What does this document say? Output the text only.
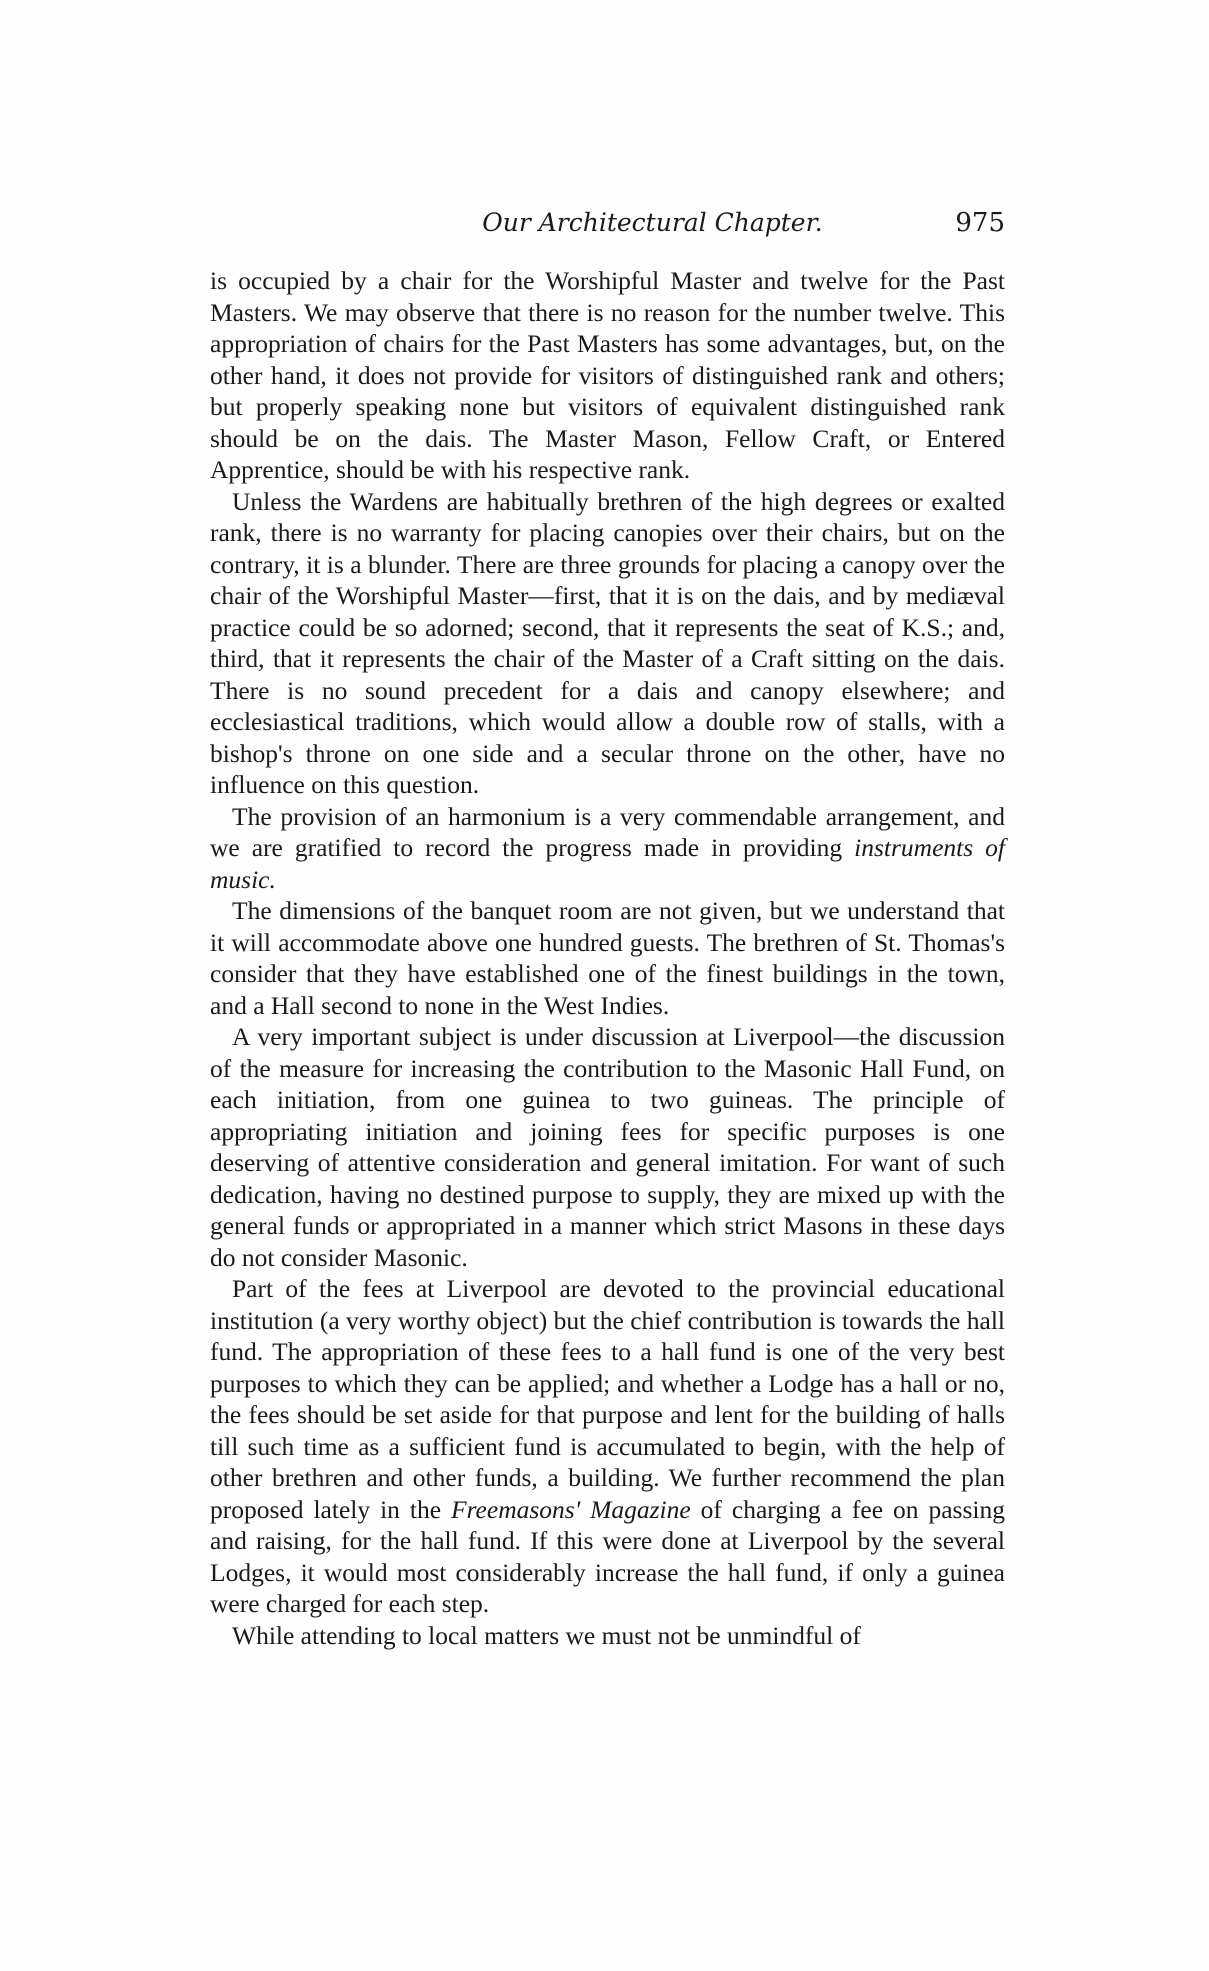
Our Architectural Chapter.	975

is occupied by a chair for the Worshipful Master and twelve for the Past Masters. We may observe that there is no reason for the number twelve. This appropriation of chairs for the Past Masters has some advantages, but, on the other hand, it does not provide for visitors of distinguished rank and others; but properly speaking none but visitors of equivalent distinguished rank should be on the dais. The Master Mason, Fellow Craft, or Entered Apprentice, should be with his respective rank.

Unless the Wardens are habitually brethren of the high degrees or exalted rank, there is no warranty for placing canopies over their chairs, but on the contrary, it is a blunder. There are three grounds for placing a canopy over the chair of the Worshipful Master—first, that it is on the dais, and by mediæval practice could be so adorned; second, that it represents the seat of K.S.; and, third, that it represents the chair of the Master of a Craft sitting on the dais. There is no sound precedent for a dais and canopy elsewhere; and ecclesiastical traditions, which would allow a double row of stalls, with a bishop's throne on one side and a secular throne on the other, have no influence on this question.

The provision of an harmonium is a very commendable arrangement, and we are gratified to record the progress made in providing instruments of music.

The dimensions of the banquet room are not given, but we understand that it will accommodate above one hundred guests. The brethren of St. Thomas's consider that they have established one of the finest buildings in the town, and a Hall second to none in the West Indies.

A very important subject is under discussion at Liverpool—the discussion of the measure for increasing the contribution to the Masonic Hall Fund, on each initiation, from one guinea to two guineas. The principle of appropriating initiation and joining fees for specific purposes is one deserving of attentive consideration and general imitation. For want of such dedication, having no destined purpose to supply, they are mixed up with the general funds or appropriated in a manner which strict Masons in these days do not consider Masonic.

Part of the fees at Liverpool are devoted to the provincial educational institution (a very worthy object) but the chief contribution is towards the hall fund. The appropriation of these fees to a hall fund is one of the very best purposes to which they can be applied; and whether a Lodge has a hall or no, the fees should be set aside for that purpose and lent for the building of halls till such time as a sufficient fund is accumulated to begin, with the help of other brethren and other funds, a building. We further recommend the plan proposed lately in the Freemasons' Magazine of charging a fee on passing and raising, for the hall fund. If this were done at Liverpool by the several Lodges, it would most considerably increase the hall fund, if only a guinea were charged for each step.

While attending to local matters we must not be unmindful of
